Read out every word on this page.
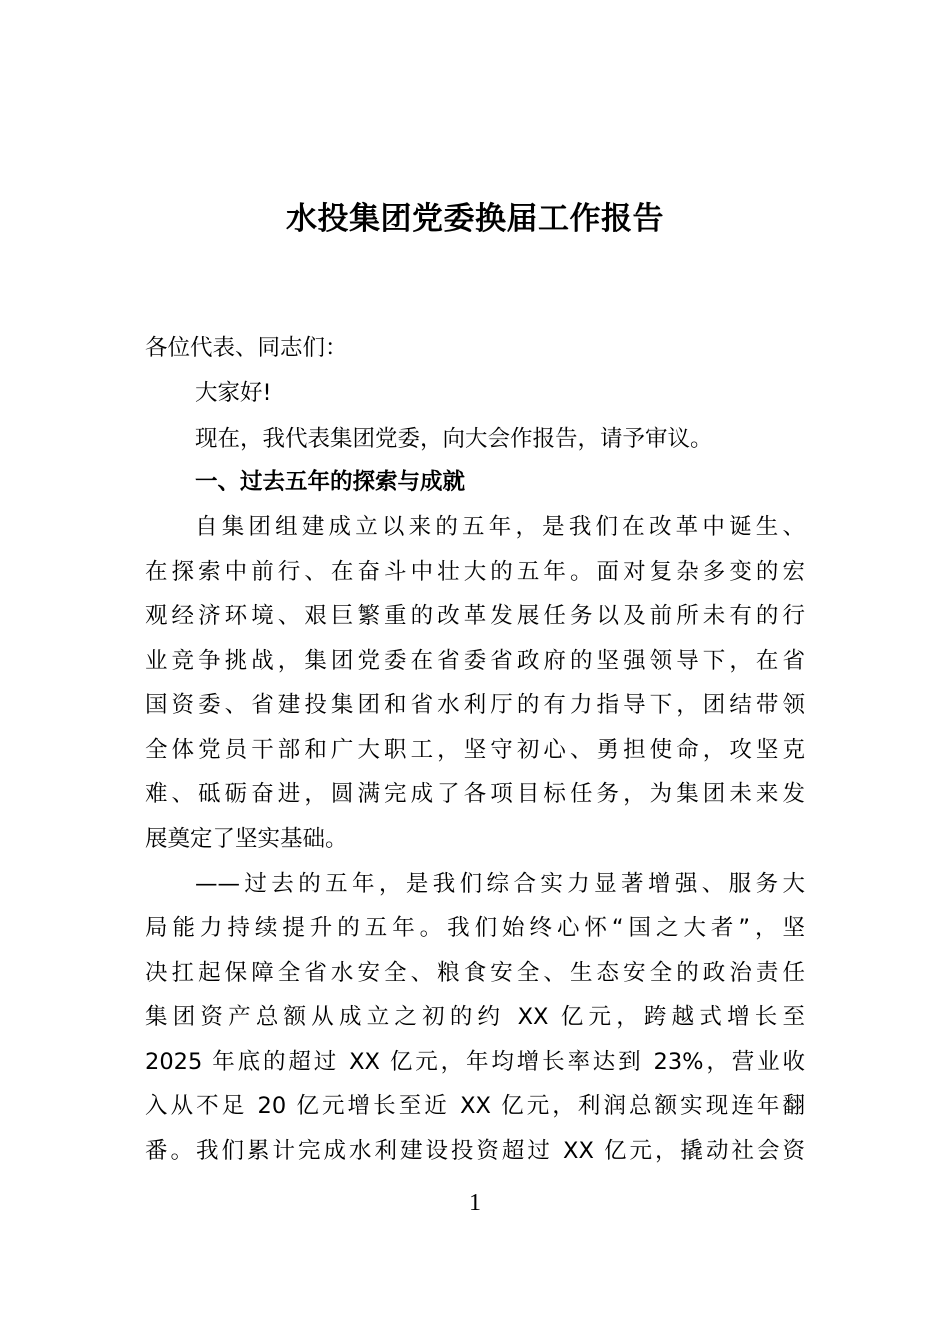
水投集团党委换届工作报告
各位代表、同志们：
大家好!
现在，我代表集团党委，向大会作报告，请予审议。
一、过去五年的探索与成就
自集团组建成立以来的五年，是我们在改革中诞生、
在探索中前行、在奋斗中壮大的五年。面对复杂多变的宏
观经济环境、艰巨繁重的改革发展任务以及前所未有的行
业竞争挑战，集团党委在省委省政府的坚强领导下，在省
国资委、省建投集团和省水利厅的有力指导下，团结带领
全体党员干部和广大职工，坚守初心、勇担使命，攻坚克
难、砥砺奋进，圆满完成了各项目标任务，为集团未来发
展奠定了坚实基础。
——过去的五年，是我们综合实力显著增强、服务大
局能力持续提升的五年。我们始终心怀“国之大者”，坚
决扛起保障全省水安全、粮食安全、生态安全的政治责任
集团资产总额从成立之初的约 XX 亿元，跨越式增长至
2025 年底的超过 XX 亿元，年均增长率达到 23%，营业收
入从不足 20 亿元增长至近 XX 亿元，利润总额实现连年翻
番。我们累计完成水利建设投资超过 XX 亿元，撬动社会资
1
